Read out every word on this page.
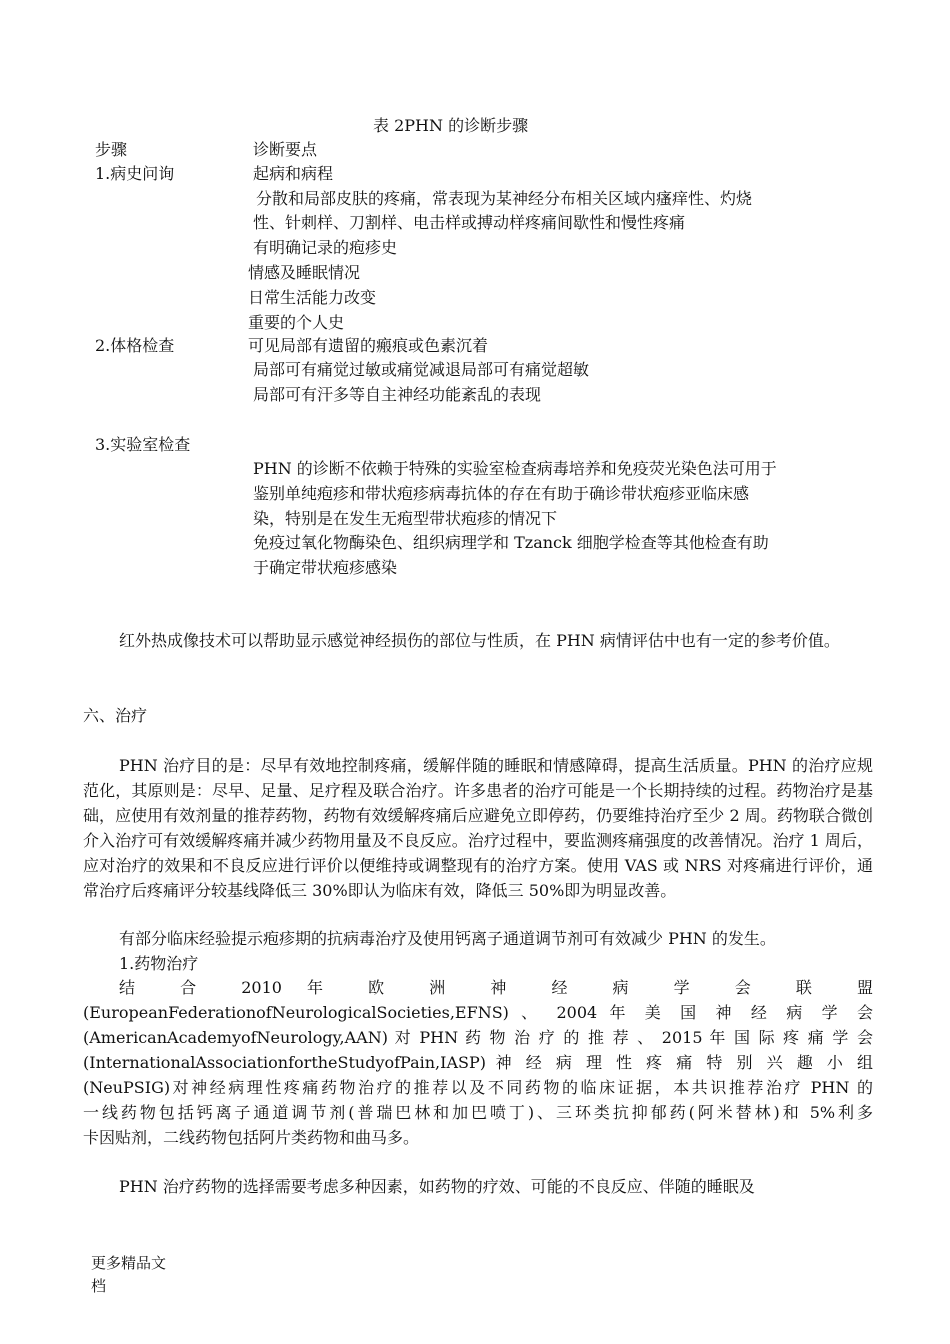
表 2PHN 的诊断步骤
步骤	诊断要点
1.病史问询	起病和病程
分散和局部皮肤的疼痛，常表现为某神经分布相关区域内瘙痒性、灼烧
性、针刺样、刀割样、电击样或搏动样疼痛间歇性和慢性疼痛
有明确记录的疱疹史
情感及睡眠情况
日常生活能力改变
重要的个人史
2.体格检查	可见局部有遗留的瘢痕或色素沉着
局部可有痛觉过敏或痛觉减退局部可有痛觉超敏
局部可有汗多等自主神经功能紊乱的表现
3.实验室检查
PHN 的诊断不依赖于特殊的实验室检查病毒培养和免疫荧光染色法可用于
鉴别单纯疱疹和带状疱疹病毒抗体的存在有助于确诊带状疱疹亚临床感
染，特别是在发生无疱型带状疱疹的情况下
免疫过氧化物酶染色、组织病理学和 Tzanck 细胞学检查等其他检查有助
于确定带状疱疹感染

红外热成像技术可以帮助显示感觉神经损伤的部位与性质，在 PHN 病情评估中也有一定的参考价值。

六、治疗

PHN 治疗目的是：尽早有效地控制疼痛，缓解伴随的睡眠和情感障碍，提高生活质量。PHN 的治疗应规范化，其原则是：尽早、足量、足疗程及联合治疗。许多患者的治疗可能是一个长期持续的过程。药物治疗是基础，应使用有效剂量的推荐药物，药物有效缓解疼痛后应避免立即停药，仍要维持治疗至少 2 周。药物联合微创介入治疗可有效缓解疼痛并减少药物用量及不良反应。治疗过程中，要监测疼痛强度的改善情况。治疗 1 周后，应对治疗的效果和不良反应进行评价以便维持或调整现有的治疗方案。使用 VAS 或 NRS 对疼痛进行评价，通常治疗后疼痛评分较基线降低三 30%即认为临床有效，降低三 50%即为明显改善。

有部分临床经验提示疱疹期的抗病毒治疗及使用钙离子通道调节剂可有效减少 PHN 的发生。

1.药物治疗
结 合 2010 年 欧 洲 神 经 病 学 会 联 盟
(EuropeanFederationofNeurologicalSocieties,EFNS) 、 2004 年 美 国 神 经 病 学 会
(AmericanAcademyofNeurology,AAN) 对 PHN 药 物 治 疗 的 推 荐 、 2015 年 国 际 疼 痛 学 会
(InternationalAssociationfortheStudyofPain,IASP) 神 经 病 理 性 疼 痛 特 别 兴 趣 小 组
(NeuPSIG)对神经病理性疼痛药物治疗的推荐以及不同药物的临床证据，本共识推荐治疗 PHN 的
一线药物包括钙离子通道调节剂(普瑞巴林和加巴喷丁)、三环类抗抑郁药(阿米替林)和 5%利多
卡因贴剂，二线药物包括阿片类药物和曲马多。

PHN 治疗药物的选择需要考虑多种因素，如药物的疗效、可能的不良反应、伴随的睡眠及

更多精品文
档
